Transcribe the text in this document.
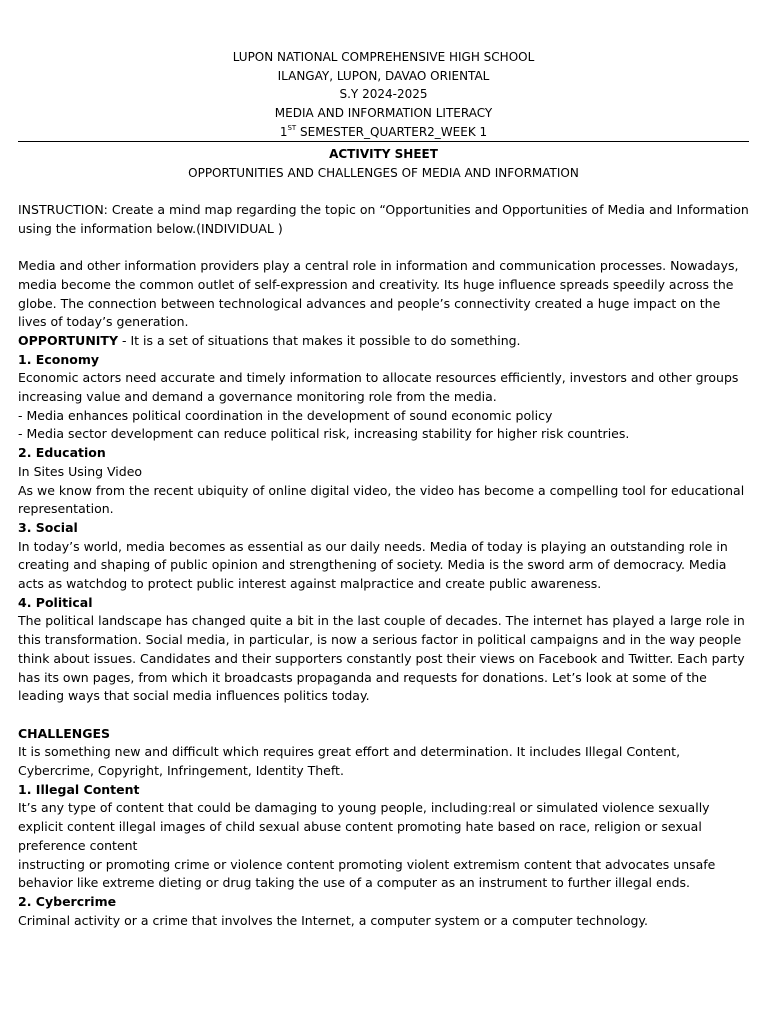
LUPON NATIONAL COMPREHENSIVE HIGH SCHOOL
ILANGAY, LUPON, DAVAO ORIENTAL
S.Y 2024-2025
MEDIA AND INFORMATION LITERACY
1ST SEMESTER_QUARTER2_WEEK 1
ACTIVITY SHEET
OPPORTUNITIES AND CHALLENGES OF MEDIA AND INFORMATION

INSTRUCTION: Create a mind map regarding the topic on “Opportunities and Opportunities of Media and Information using the information below.(INDIVIDUAL )

Media and other information providers play a central role in information and communication processes. Nowadays, media become the common outlet of self-expression and creativity. Its huge influence spreads speedily across the globe. The connection between technological advances and people’s connectivity created a huge impact on the lives of today’s generation.

OPPORTUNITY - It is a set of situations that makes it possible to do something.

1. Economy

Economic actors need accurate and timely information to allocate resources efficiently, investors and other groups increasing value and demand a governance monitoring role from the media.

- Media enhances political coordination in the development of sound economic policy

- Media sector development can reduce political risk, increasing stability for higher risk countries.

2. Education

In Sites Using Video

As we know from the recent ubiquity of online digital video, the video has become a compelling tool for educational representation.

3. Social

In today’s world, media becomes as essential as our daily needs. Media of today is playing an outstanding role in creating and shaping of public opinion and strengthening of society. Media is the sword arm of democracy. Media acts as watchdog to protect public interest against malpractice and create public awareness.

4. Political

The political landscape has changed quite a bit in the last couple of decades. The internet has played a large role in this transformation. Social media, in particular, is now a serious factor in political campaigns and in the way people think about issues. Candidates and their supporters constantly post their views on Facebook and Twitter. Each party has its own pages, from which it broadcasts propaganda and requests for donations. Let’s look at some of the leading ways that social media influences politics today.

CHALLENGES

It is something new and difficult which requires great effort and determination. It includes Illegal Content, Cybercrime, Copyright, Infringement, Identity Theft.

1. Illegal Content

It’s any type of content that could be damaging to young people, including:real or simulated violence sexually explicit content illegal images of child sexual abuse content promoting hate based on race, religion or sexual preference content

instructing or promoting crime or violence content promoting violent extremism content that advocates unsafe behavior like extreme dieting or drug taking the use of a computer as an instrument to further illegal ends.

2. Cybercrime

Criminal activity or a crime that involves the Internet, a computer system or a computer technology.
